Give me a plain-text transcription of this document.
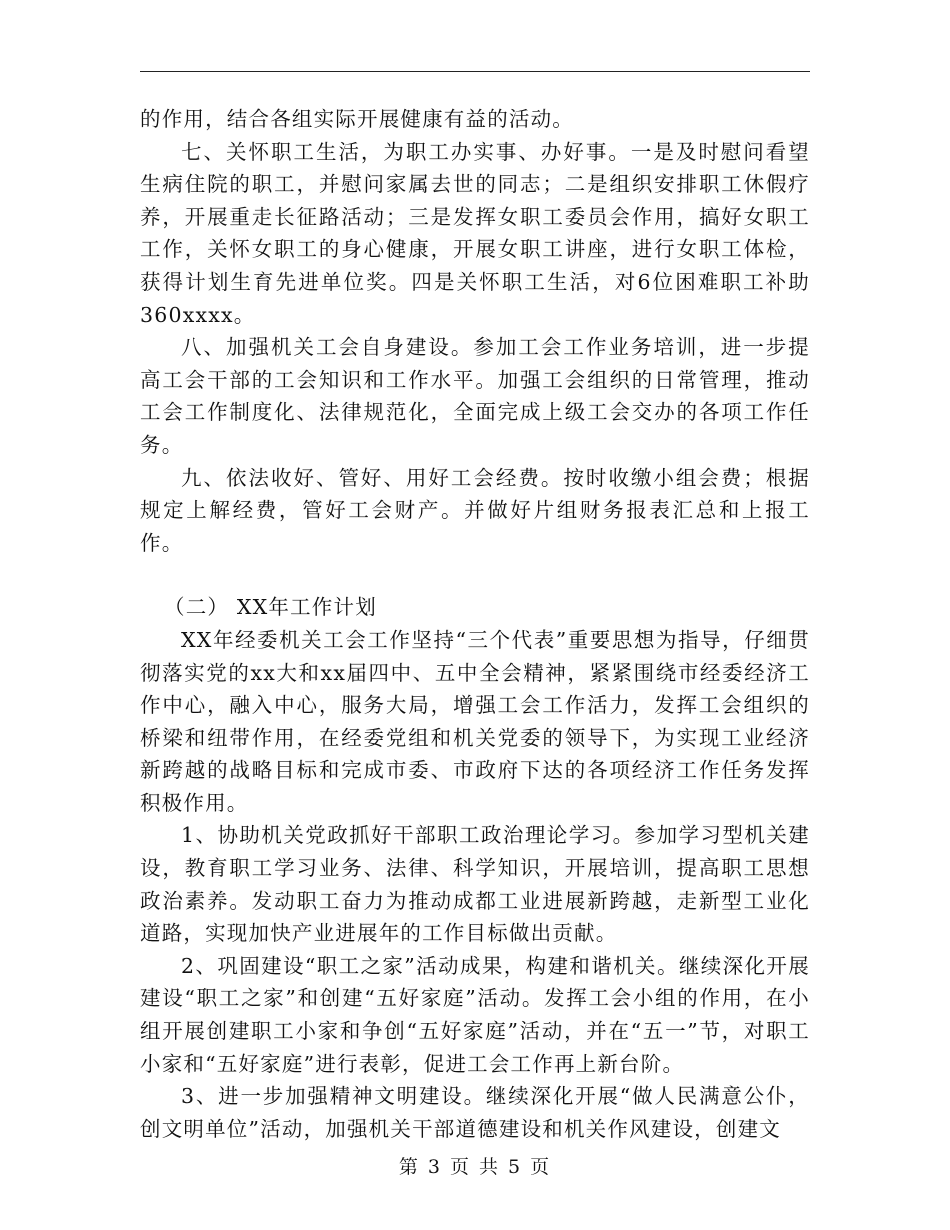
的作用，结合各组实际开展健康有益的活动。

七、关怀职工生活，为职工办实事、办好事。一是及时慰问看望生病住院的职工，并慰问家属去世的同志；二是组织安排职工休假疗养，开展重走长征路活动；三是发挥女职工委员会作用，搞好女职工工作，关怀女职工的身心健康，开展女职工讲座，进行女职工体检，获得计划生育先进单位奖。四是关怀职工生活，对6位困难职工补助360xxxx。

八、加强机关工会自身建设。参加工会工作业务培训，进一步提高工会干部的工会知识和工作水平。加强工会组织的日常管理，推动工会工作制度化、法律规范化，全面完成上级工会交办的各项工作任务。

九、依法收好、管好、用好工会经费。按时收缴小组会费；根据规定上解经费，管好工会财产。并做好片组财务报表汇总和上报工作。

（二） XX年工作计划

XX年经委机关工会工作坚持“三个代表”重要思想为指导，仔细贯彻落实党的xx大和xx届四中、五中全会精神，紧紧围绕市经委经济工作中心，融入中心，服务大局，增强工会工作活力，发挥工会组织的桥梁和纽带作用，在经委党组和机关党委的领导下，为实现工业经济新跨越的战略目标和完成市委、市政府下达的各项经济工作任务发挥积极作用。

1、协助机关党政抓好干部职工政治理论学习。参加学习型机关建设，教育职工学习业务、法律、科学知识，开展培训，提高职工思想政治素养。发动职工奋力为推动成都工业进展新跨越，走新型工业化道路，实现加快产业进展年的工作目标做出贡献。

2、巩固建设“职工之家”活动成果，构建和谐机关。继续深化开展建设“职工之家”和创建“五好家庭”活动。发挥工会小组的作用，在小组开展创建职工小家和争创“五好家庭”活动，并在“五一”节，对职工小家和“五好家庭”进行表彰，促进工会工作再上新台阶。

3、进一步加强精神文明建设。继续深化开展“做人民满意公仆，创文明单位”活动，加强机关干部道德建设和机关作风建设，创建文

第 3 页 共 5 页
